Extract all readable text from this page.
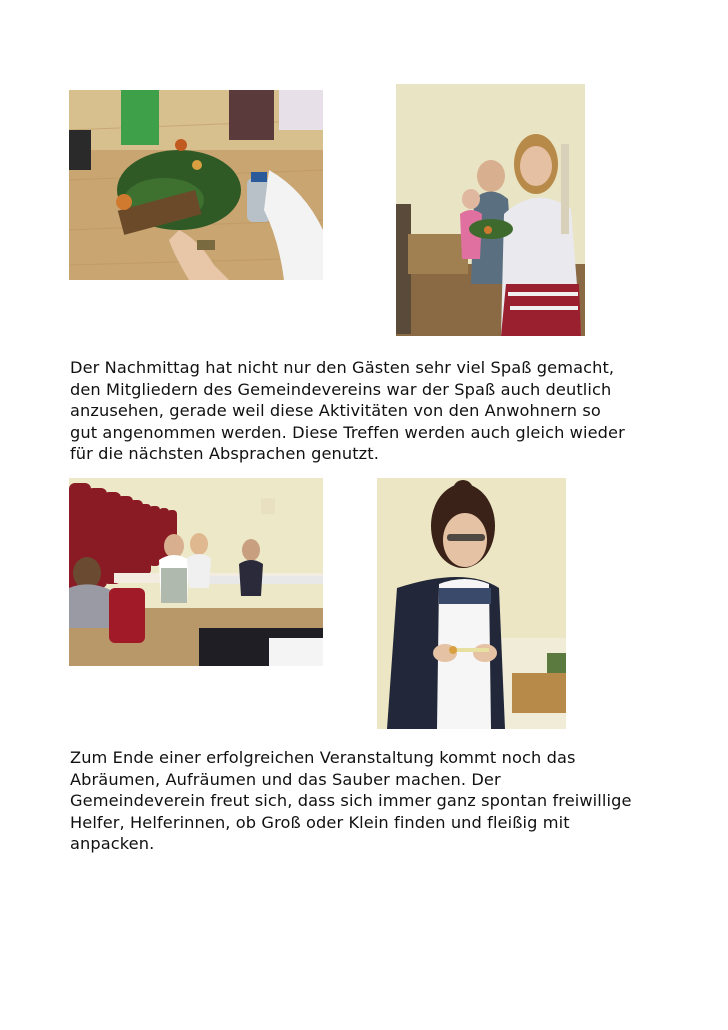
Der Nachmittag hat nicht nur den Gästen sehr viel Spaß gemacht,
den Mitgliedern des Gemeindevereins war der Spaß auch deutlich
anzusehen, gerade weil diese Aktivitäten von den Anwohnern so
gut angenommen werden. Diese Treffen werden auch gleich wieder
für die nächsten Absprachen genutzt.
Zum Ende einer erfolgreichen Veranstaltung kommt noch das
Abräumen, Aufräumen und das Sauber machen. Der
Gemeindeverein freut sich, dass sich immer ganz spontan freiwillige
Helfer, Helferinnen, ob Groß oder Klein finden und fleißig mit
anpacken.
